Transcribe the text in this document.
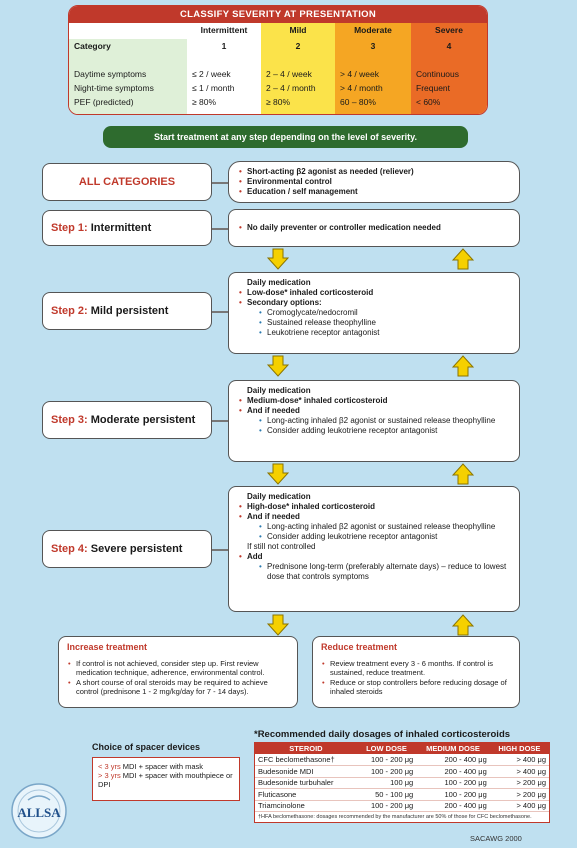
CLASSIFY SEVERITY AT PRESENTATION
Intermittent	Mild	Moderate	Severe
Category	1	2	3	4
Daytime symptoms	≤ 2 / week	2 – 4 / week	> 4 / week	Continuous
Night-time symptoms	≤ 1 / month	2 – 4 / month	> 4 / month	Frequent
PEF (predicted)	≥ 80%	≥ 80%	60 – 80%	< 60%
Start treatment at any step depending on the level of severity.
ALL CATEGORIES
• Short-acting β2 agonist as needed (reliever)
• Environmental control
• Education / self management
Step 1:
Intermittent	• No daily preventer or controller medication needed
Step 2:
Mild persistent
Daily medication
• Low-dose* inhaled corticosteroid
• Secondary options:
• Cromoglycate/nedocromil
• Sustained release theophylline
• Leukotriene receptor antagonist
Step 3:
Moderate persistent
Daily medication
• Medium-dose* inhaled corticosteroid
• And if needed
• Long-acting inhaled β2 agonist or sustained release theophylline
• Consider adding leukotriene receptor antagonist
Step 4:
Severe persistent
Daily medication
• High-dose* inhaled corticosteroid
• And if needed
• Long-acting inhaled β2 agonist or sustained release theophylline
• Consider adding leukotriene receptor antagonist
If still not controlled
• Add
• Prednisone long-term (preferably alternate days) – reduce to lowest dose that controls symptoms
Increase treatment
• If control is not achieved, consider step up. First review medication technique, adherence, environmental control.
• A short course of oral steroids may be required to achieve control (prednisone 1 - 2 mg/kg/day for 7 - 14 days).
Reduce treatment
• Review treatment every 3 - 6 months. If control is sustained, reduce treatment.
• Reduce or stop controllers before reducing dosage of inhaled steroids
Choice of spacer devices
< 3 yrs MDI + spacer with mask
> 3 yrs MDI + spacer with mouthpiece or DPI
*Recommended daily dosages of inhaled corticosteroids
STEROID	LOW DOSE	MEDIUM DOSE	HIGH DOSE
CFC beclomethasone†	100 - 200 μg	200 - 400 μg	> 400 μg
Budesonide MDI	100 - 200 μg	200 - 400 μg	> 400 μg
Budesonide turbuhaler	100 μg	100 - 200 μg	> 200 μg
Fluticasone	50 - 100 μg	100 - 200 μg	> 200 μg
Triamcinolone	100 - 200 μg	200 - 400 μg	> 400 μg
†HFA beclomethasone: dosages recommended by the manufacturer are 50% of those for CFC beclomethasone.
ALLSA
SACAWG 2000
